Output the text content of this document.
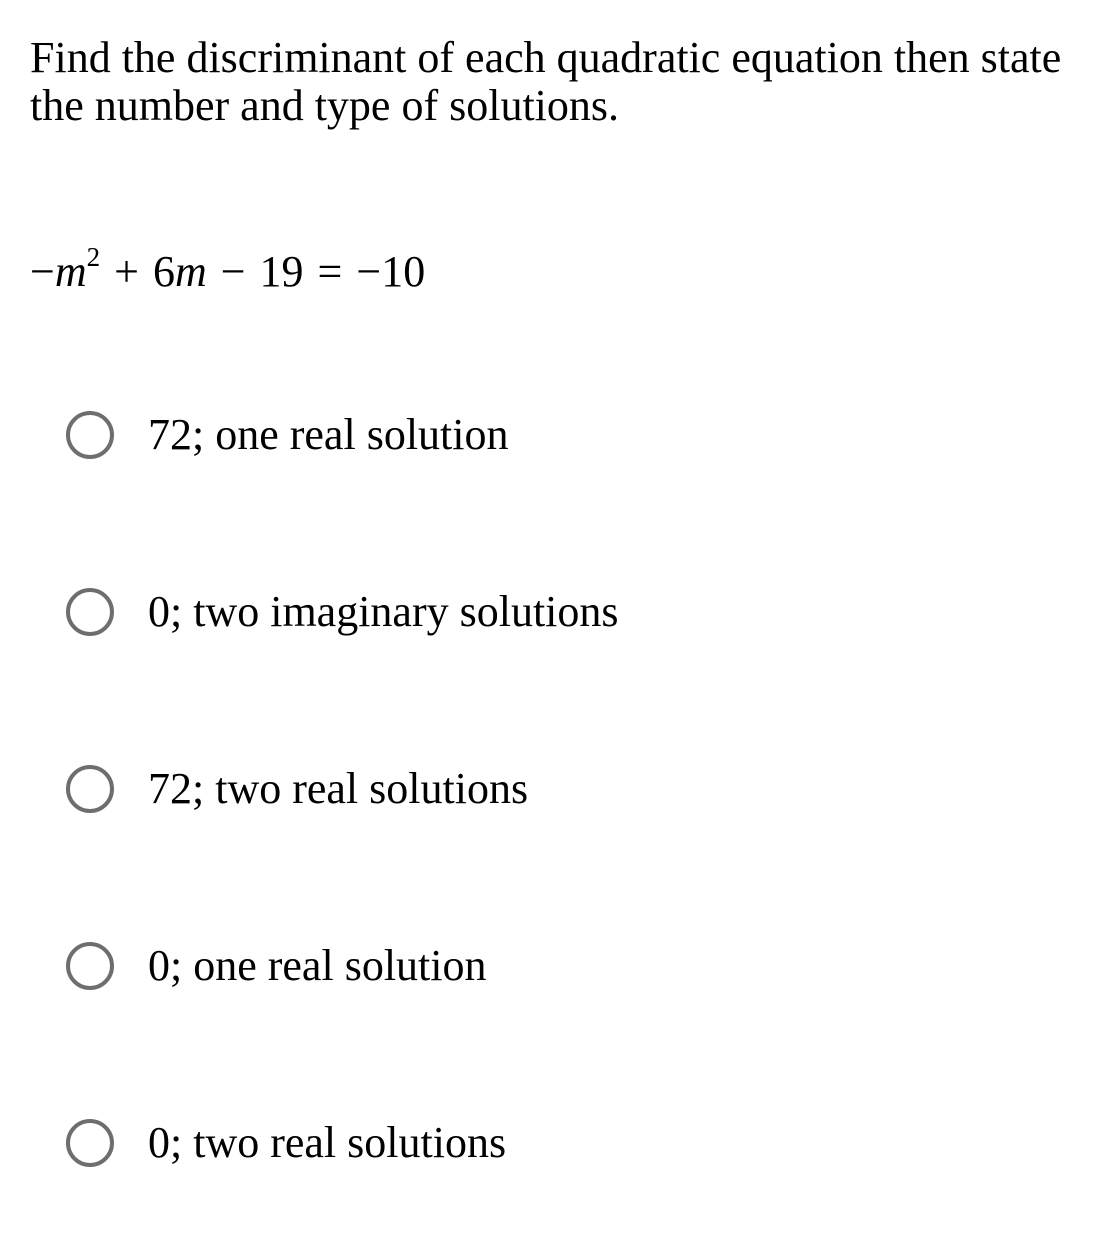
Find the discriminant of each quadratic equation then state the number and type of solutions.

$-m^2 + 6m - 19 = -10$
72; one real solution
0; two imaginary solutions
72; two real solutions
0; one real solution
0; two real solutions
